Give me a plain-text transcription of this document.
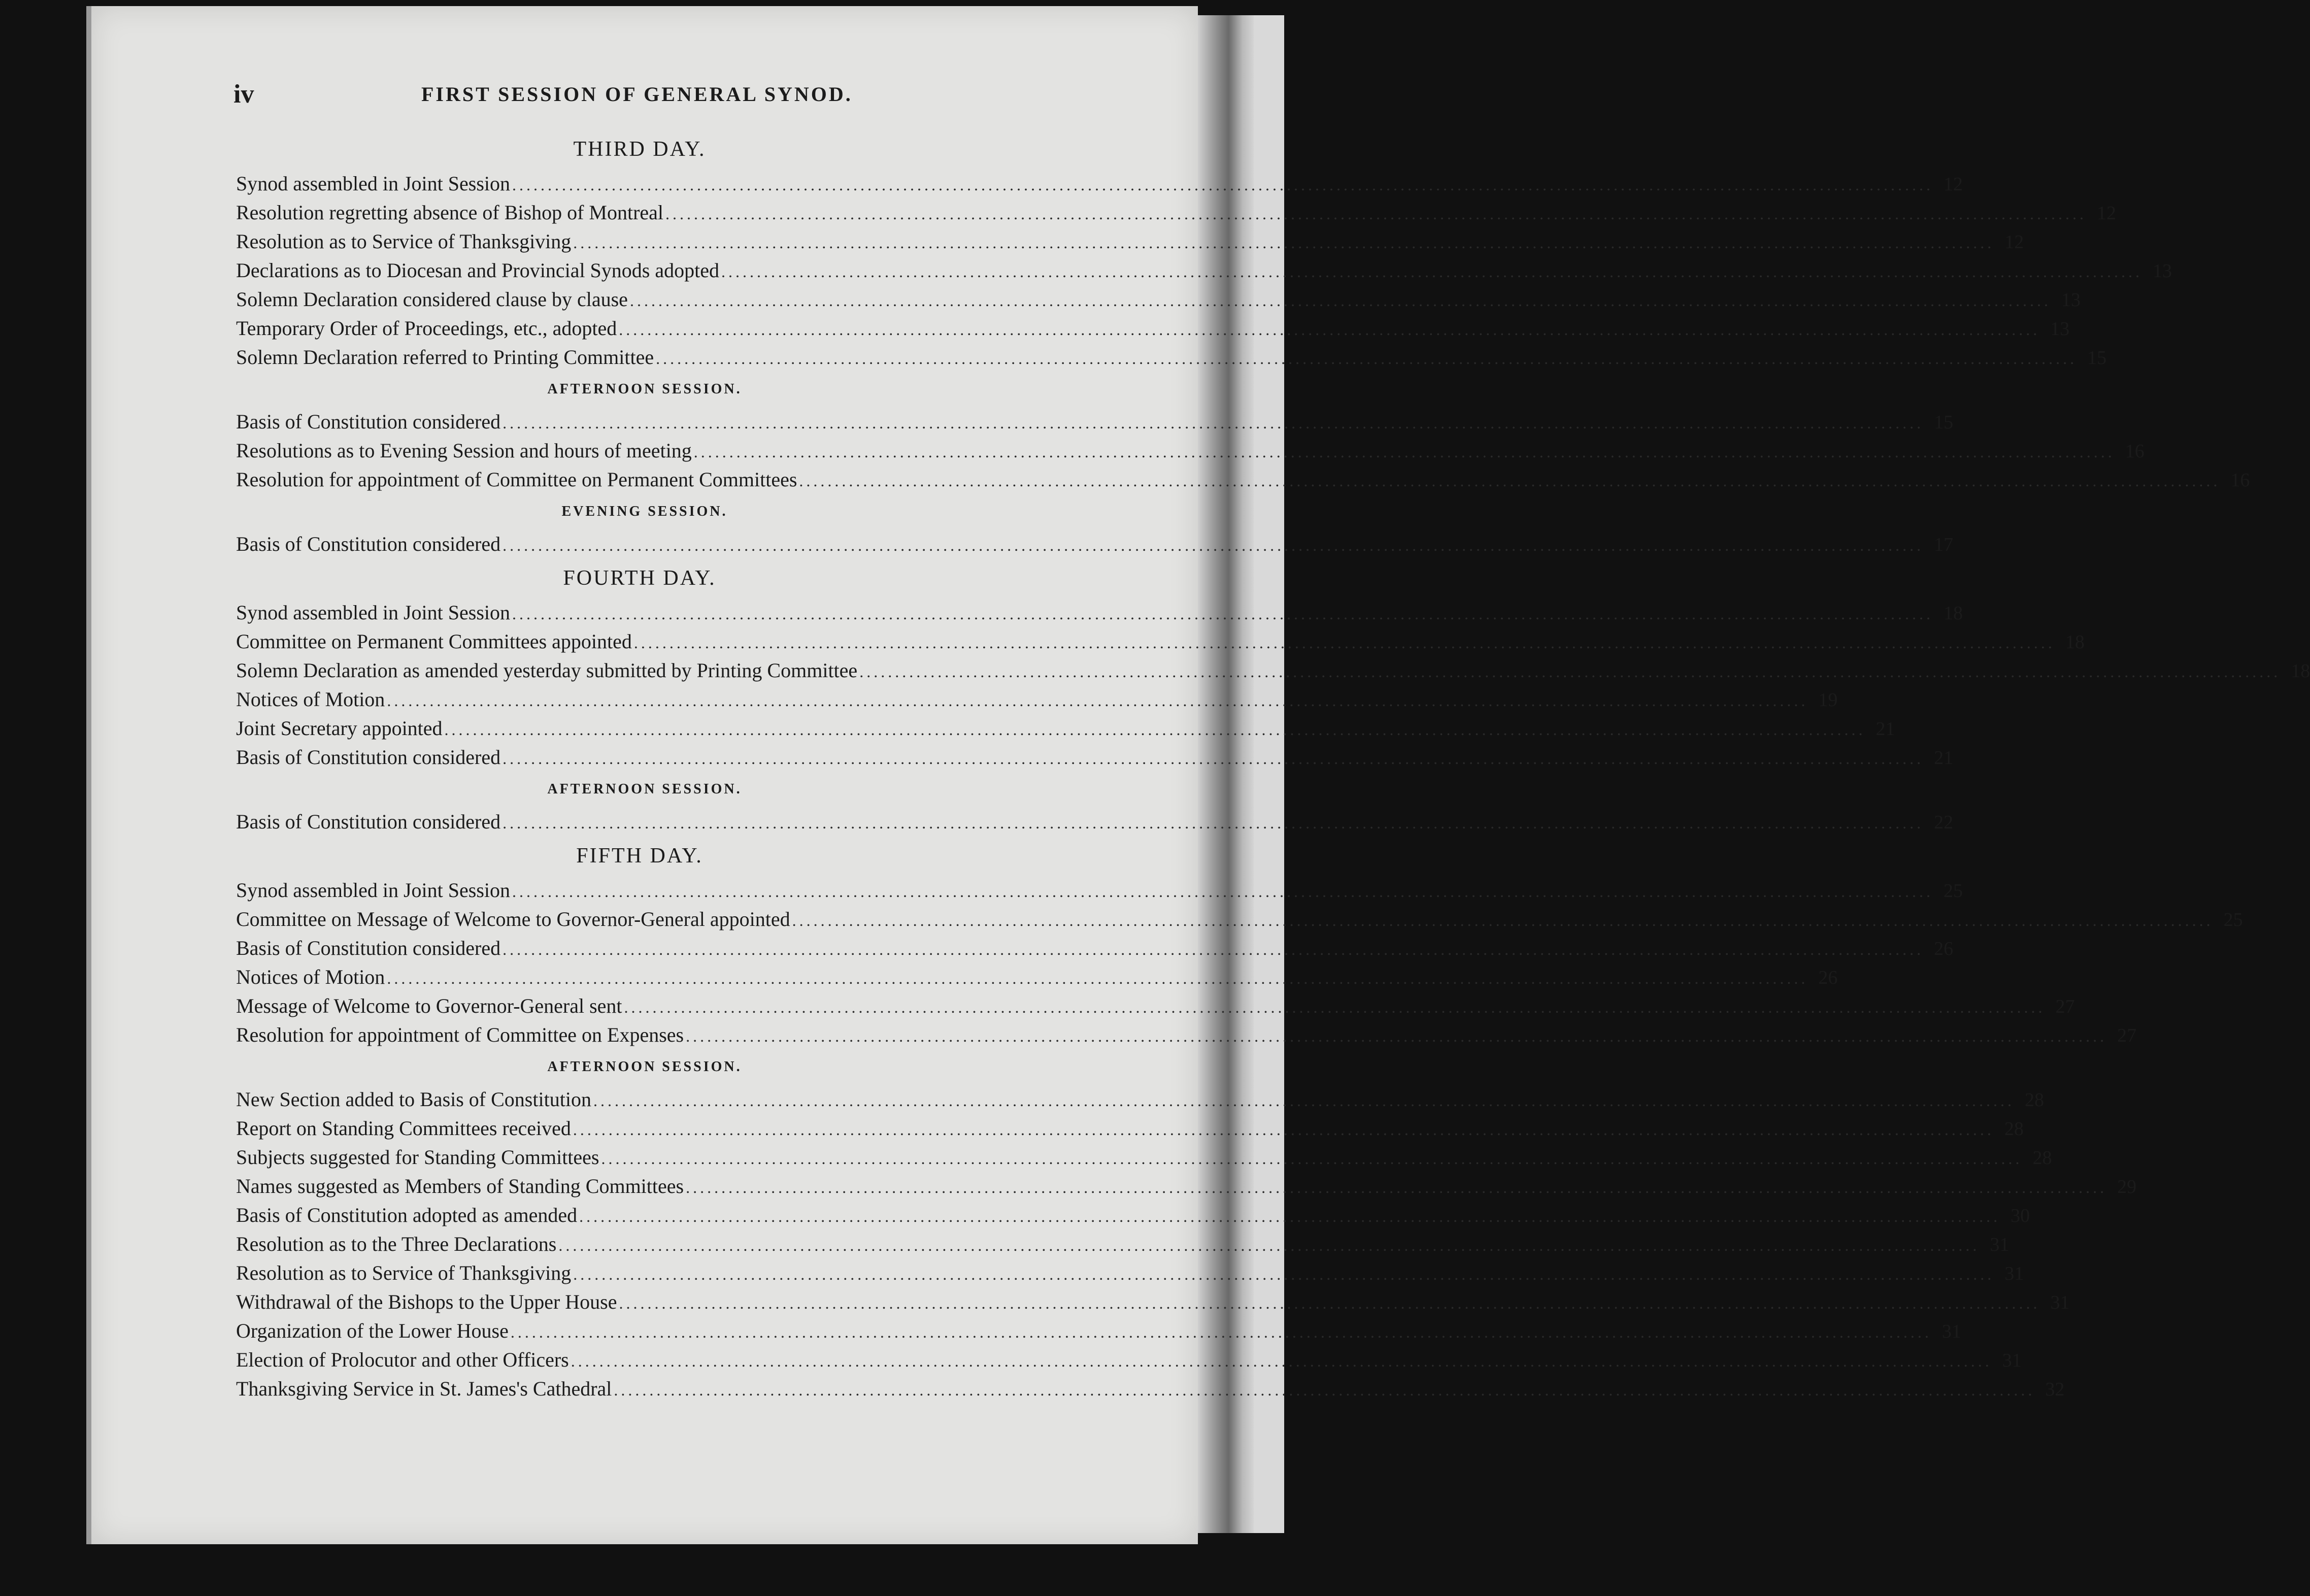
iv	FIRST SESSION OF GENERAL SYNOD.
THIRD DAY.
Synod assembled in Joint Session ........................................................................................................................................................................................................ 12
Resolution regretting absence of Bishop of Montreal ........................................................................................................................................................................................................ 12
Resolution as to Service of Thanksgiving ........................................................................................................................................................................................................ 12
Declarations as to Diocesan and Provincial Synods adopted ........................................................................................................................................................................................................ 13
Solemn Declaration considered clause by clause ........................................................................................................................................................................................................ 13
Temporary Order of Proceedings, etc., adopted ........................................................................................................................................................................................................ 13
Solemn Declaration referred to Printing Committee ........................................................................................................................................................................................................ 15
AFTERNOON SESSION.
Basis of Constitution considered ........................................................................................................................................................................................................ 15
Resolutions as to Evening Session and hours of meeting ........................................................................................................................................................................................................ 16
Resolution for appointment of Committee on Permanent Committees ........................................................................................................................................................................................................ 16
EVENING SESSION.
Basis of Constitution considered ........................................................................................................................................................................................................ 17
FOURTH DAY.
Synod assembled in Joint Session ........................................................................................................................................................................................................ 18
Committee on Permanent Committees appointed ........................................................................................................................................................................................................ 18
Solemn Declaration as amended yesterday submitted by Printing Committee ........................................................................................................................................................................................................ 18
Notices of Motion ........................................................................................................................................................................................................ 19
Joint Secretary appointed ........................................................................................................................................................................................................ 21
Basis of Constitution considered ........................................................................................................................................................................................................ 21
AFTERNOON SESSION.
Basis of Constitution considered ........................................................................................................................................................................................................ 22
FIFTH DAY.
Synod assembled in Joint Session ........................................................................................................................................................................................................ 25
Committee on Message of Welcome to Governor-General appointed ........................................................................................................................................................................................................ 25
Basis of Constitution considered ........................................................................................................................................................................................................ 26
Notices of Motion ........................................................................................................................................................................................................ 26
Message of Welcome to Governor-General sent ........................................................................................................................................................................................................ 27
Resolution for appointment of Committee on Expenses ........................................................................................................................................................................................................ 27
AFTERNOON SESSION.
New Section added to Basis of Constitution ........................................................................................................................................................................................................ 28
Report on Standing Committees received ........................................................................................................................................................................................................ 28
Subjects suggested for Standing Committees ........................................................................................................................................................................................................ 28
Names suggested as Members of Standing Committees ........................................................................................................................................................................................................ 29
Basis of Constitution adopted as amended ........................................................................................................................................................................................................ 30
Resolution as to the Three Declarations ........................................................................................................................................................................................................ 31
Resolution as to Service of Thanksgiving ........................................................................................................................................................................................................ 31
Withdrawal of the Bishops to the Upper House ........................................................................................................................................................................................................ 31
Organization of the Lower House ........................................................................................................................................................................................................ 31
Election of Prolocutor and other Officers ........................................................................................................................................................................................................ 31
Thanksgiving Service in St. James's Cathedral ........................................................................................................................................................................................................ 32
